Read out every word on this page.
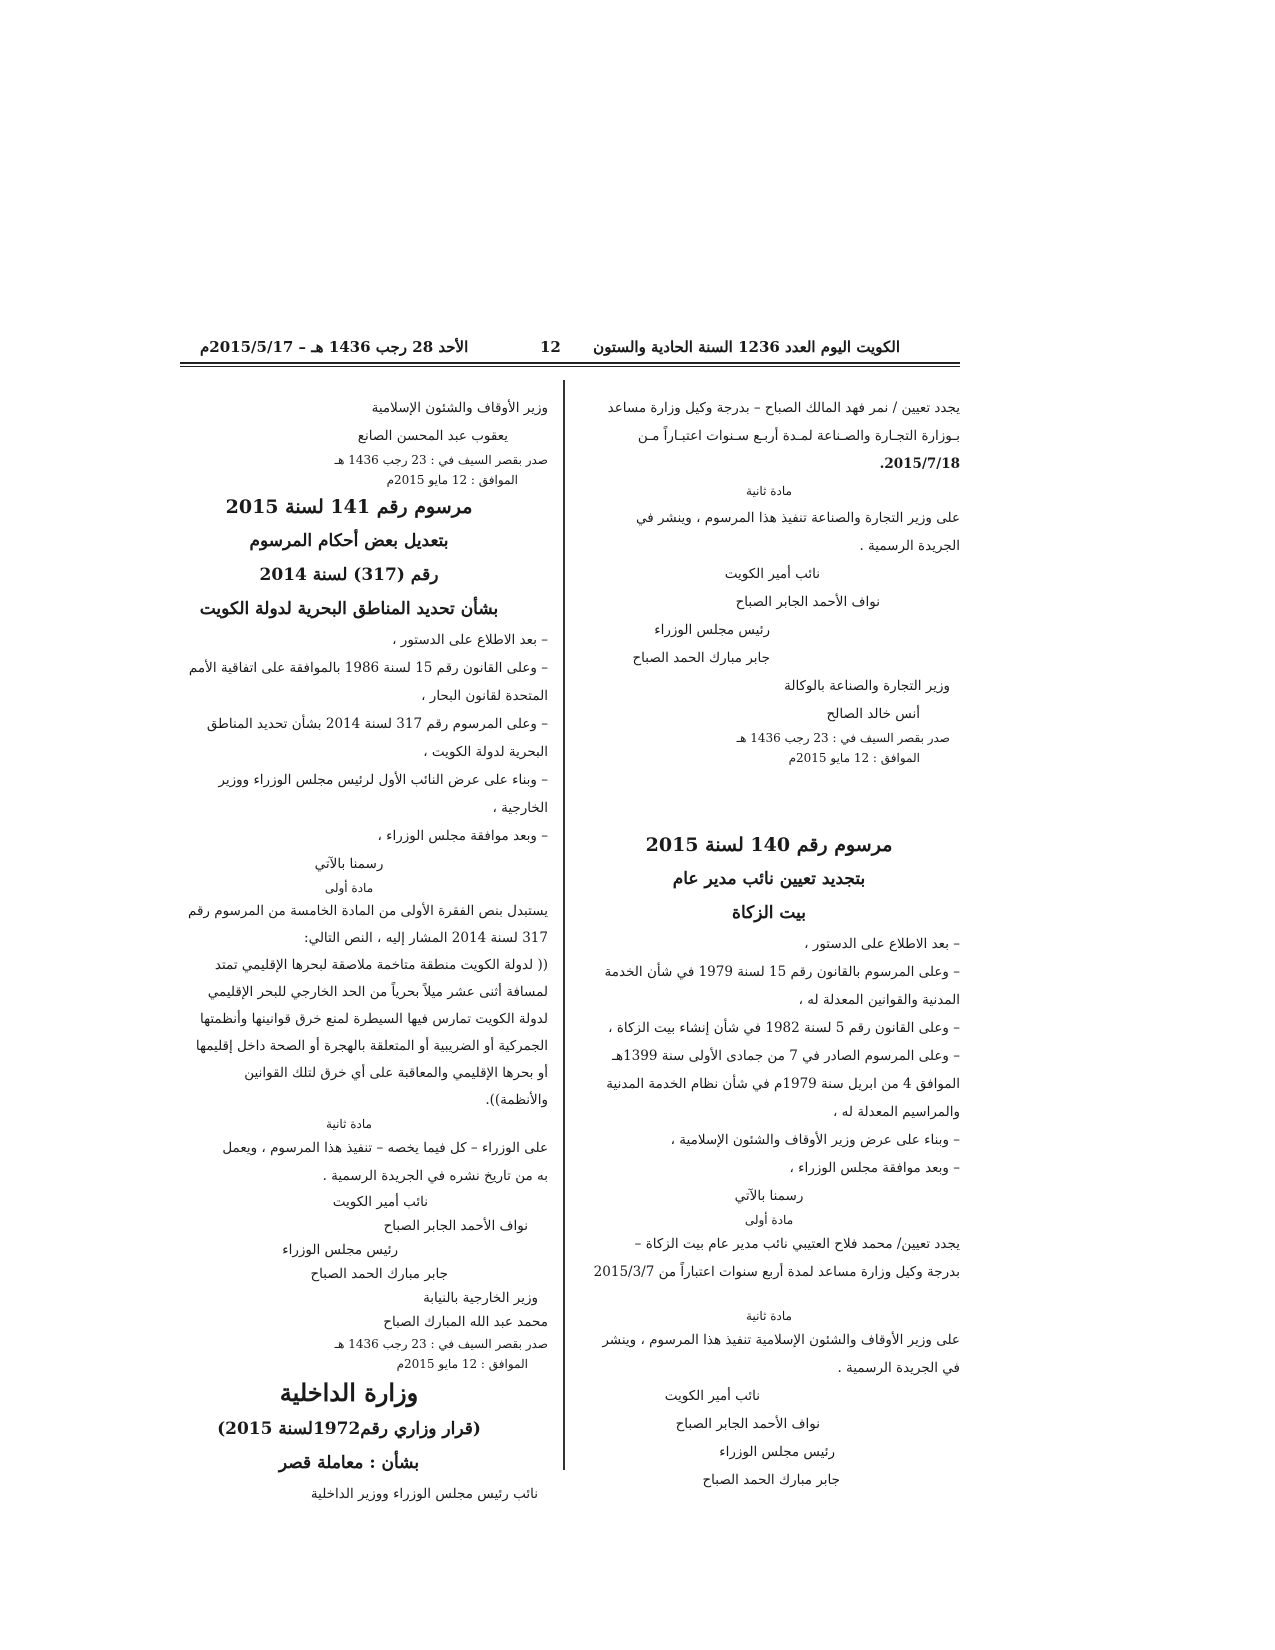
الكويت اليوم العدد 1236 السنة الحادية والستون
12
الأحد 28 رجب 1436 هـ – 2015/5/17م
يجدد تعيين / نمر فهد المالك الصباح – بدرجة وكيل وزارة مساعد
بـوزارة التجـارة والصـناعة لمـدة أربـع سـنوات اعتبـاراً مـن
2015/7/18.
مادة ثانية
على وزير التجارة والصناعة تنفيذ هذا المرسوم ، وينشر في
الجريدة الرسمية .
نائب أمير الكويت
نواف الأحمد الجابر الصباح
رئيس مجلس الوزراء
جابر مبارك الحمد الصباح
وزير التجارة والصناعة بالوكالة
أنس خالد الصالح
صدر بقصر السيف في : 23 رجب 1436 هـ
الموافق : 12 مايو 2015م
مرسوم رقم 140 لسنة 2015
بتجديد تعيين نائب مدير عام
بيت الزكاة
– بعد الاطلاع على الدستور ،
– وعلى المرسوم بالقانون رقم 15 لسنة 1979 في شأن الخدمة
المدنية والقوانين المعدلة له ،
– وعلى القانون رقم 5 لسنة 1982 في شأن إنشاء بيت الزكاة ،
– وعلى المرسوم الصادر في 7 من جمادى الأولى سنة 1399هـ
الموافق 4 من ابريل سنة 1979م في شأن نظام الخدمة المدنية
والمراسيم المعدلة له ،
– وبناء على عرض وزير الأوقاف والشئون الإسلامية ،
– وبعد موافقة مجلس الوزراء ،
رسمنا بالآتي
مادة أولى
يجدد تعيين/ محمد فلاح العتيبي نائب مدير عام بيت الزكاة –
بدرجة وكيل وزارة مساعد لمدة أربع سنوات اعتباراً من 2015/3/7
مادة ثانية
على وزير الأوقاف والشئون الإسلامية تنفيذ هذا المرسوم ، وينشر
في الجريدة الرسمية .
نائب أمير الكويت
نواف الأحمد الجابر الصباح
رئيس مجلس الوزراء
جابر مبارك الحمد الصباح
وزير الأوقاف والشئون الإسلامية
يعقوب عبد المحسن الصانع
صدر بقصر السيف في : 23 رجب 1436 هـ
الموافق : 12 مايو 2015م
مرسوم رقم 141 لسنة 2015
بتعديل بعض أحكام المرسوم
رقم (317) لسنة 2014
بشأن تحديد المناطق البحرية لدولة الكويت
– بعد الاطلاع على الدستور ،
– وعلى القانون رقم 15 لسنة 1986 بالموافقة على اتفاقية الأمم
المتحدة لقانون البحار ،
– وعلى المرسوم رقم 317 لسنة 2014 بشأن تحديد المناطق
البحرية لدولة الكويت ،
– وبناء على عرض النائب الأول لرئيس مجلس الوزراء ووزير
الخارجية ،
– وبعد موافقة مجلس الوزراء ،
رسمنا بالآتي
مادة أولى
يستبدل بنص الفقرة الأولى من المادة الخامسة من المرسوم رقم
317 لسنة 2014 المشار إليه ، النص التالي:
(( لدولة الكويت منطقة متاخمة ملاصقة لبحرها الإقليمي تمتد
لمسافة أثنى عشر ميلاً بحرياً من الحد الخارجي للبحر الإقليمي
لدولة الكويت تمارس فيها السيطرة لمنع خرق قوانينها وأنظمتها
الجمركية أو الضريبية أو المتعلقة بالهجرة أو الصحة داخل إقليمها
أو بحرها الإقليمي والمعاقبة على أي خرق لتلك القوانين
والأنظمة)).
مادة ثانية
على الوزراء – كل فيما يخصه – تنفيذ هذا المرسوم ، ويعمل
به من تاريخ نشره في الجريدة الرسمية .
نائب أمير الكويت
نواف الأحمد الجابر الصباح
رئيس مجلس الوزراء
جابر مبارك الحمد الصباح
وزير الخارجية بالنيابة
محمد عبد الله المبارك الصباح
صدر بقصر السيف في : 23 رجب 1436 هـ
الموافق : 12 مايو 2015م
وزارة الداخلية
(قرار وزاري رقم1972لسنة 2015)
بشأن : معاملة قصر
نائب رئيس مجلس الوزراء ووزير الداخلية
